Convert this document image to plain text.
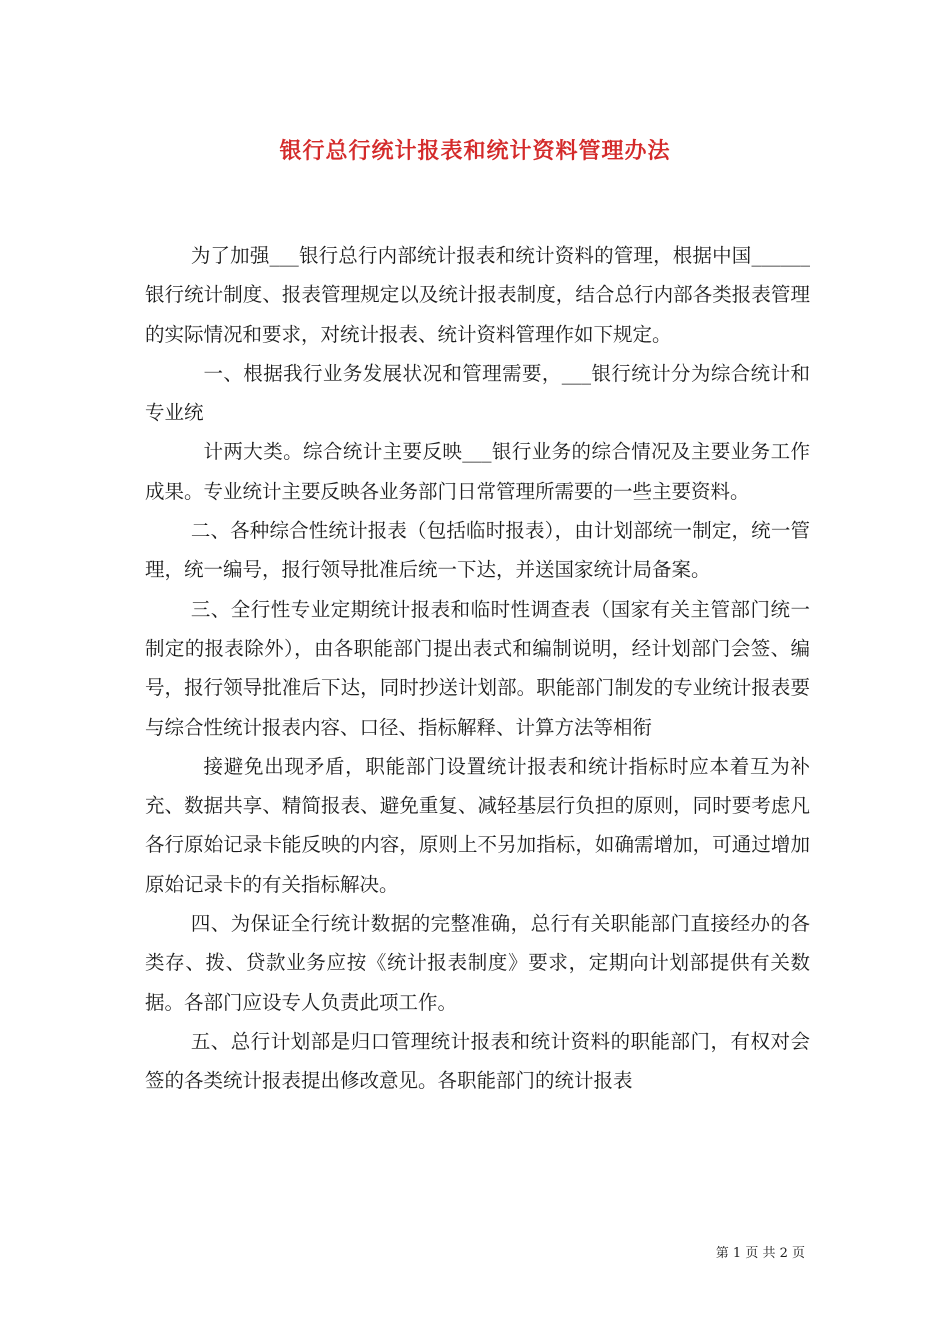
银行总行统计报表和统计资料管理办法

为了加强___银行总行内部统计报表和统计资料的管理，根据中国______银行统计制度、报表管理规定以及统计报表制度，结合总行内部各类报表管理的实际情况和要求，对统计报表、统计资料管理作如下规定。

一、根据我行业务发展状况和管理需要，___银行统计分为综合统计和专业统

计两大类。综合统计主要反映___银行业务的综合情况及主要业务工作成果。专业统计主要反映各业务部门日常管理所需要的一些主要资料。

二、各种综合性统计报表（包括临时报表），由计划部统一制定，统一管理，统一编号，报行领导批准后统一下达，并送国家统计局备案。

三、全行性专业定期统计报表和临时性调查表（国家有关主管部门统一制定的报表除外），由各职能部门提出表式和编制说明，经计划部门会签、编号，报行领导批准后下达，同时抄送计划部。职能部门制发的专业统计报表要与综合性统计报表内容、口径、指标解释、计算方法等相衔

接避免出现矛盾，职能部门设置统计报表和统计指标时应本着互为补充、数据共享、精简报表、避免重复、减轻基层行负担的原则，同时要考虑凡各行原始记录卡能反映的内容，原则上不另加指标，如确需增加，可通过增加原始记录卡的有关指标解决。

四、为保证全行统计数据的完整准确，总行有关职能部门直接经办的各类存、拨、贷款业务应按《统计报表制度》要求，定期向计划部提供有关数据。各部门应设专人负责此项工作。

五、总行计划部是归口管理统计报表和统计资料的职能部门，有权对会签的各类统计报表提出修改意见。各职能部门的统计报表

第 1 页 共 2 页
